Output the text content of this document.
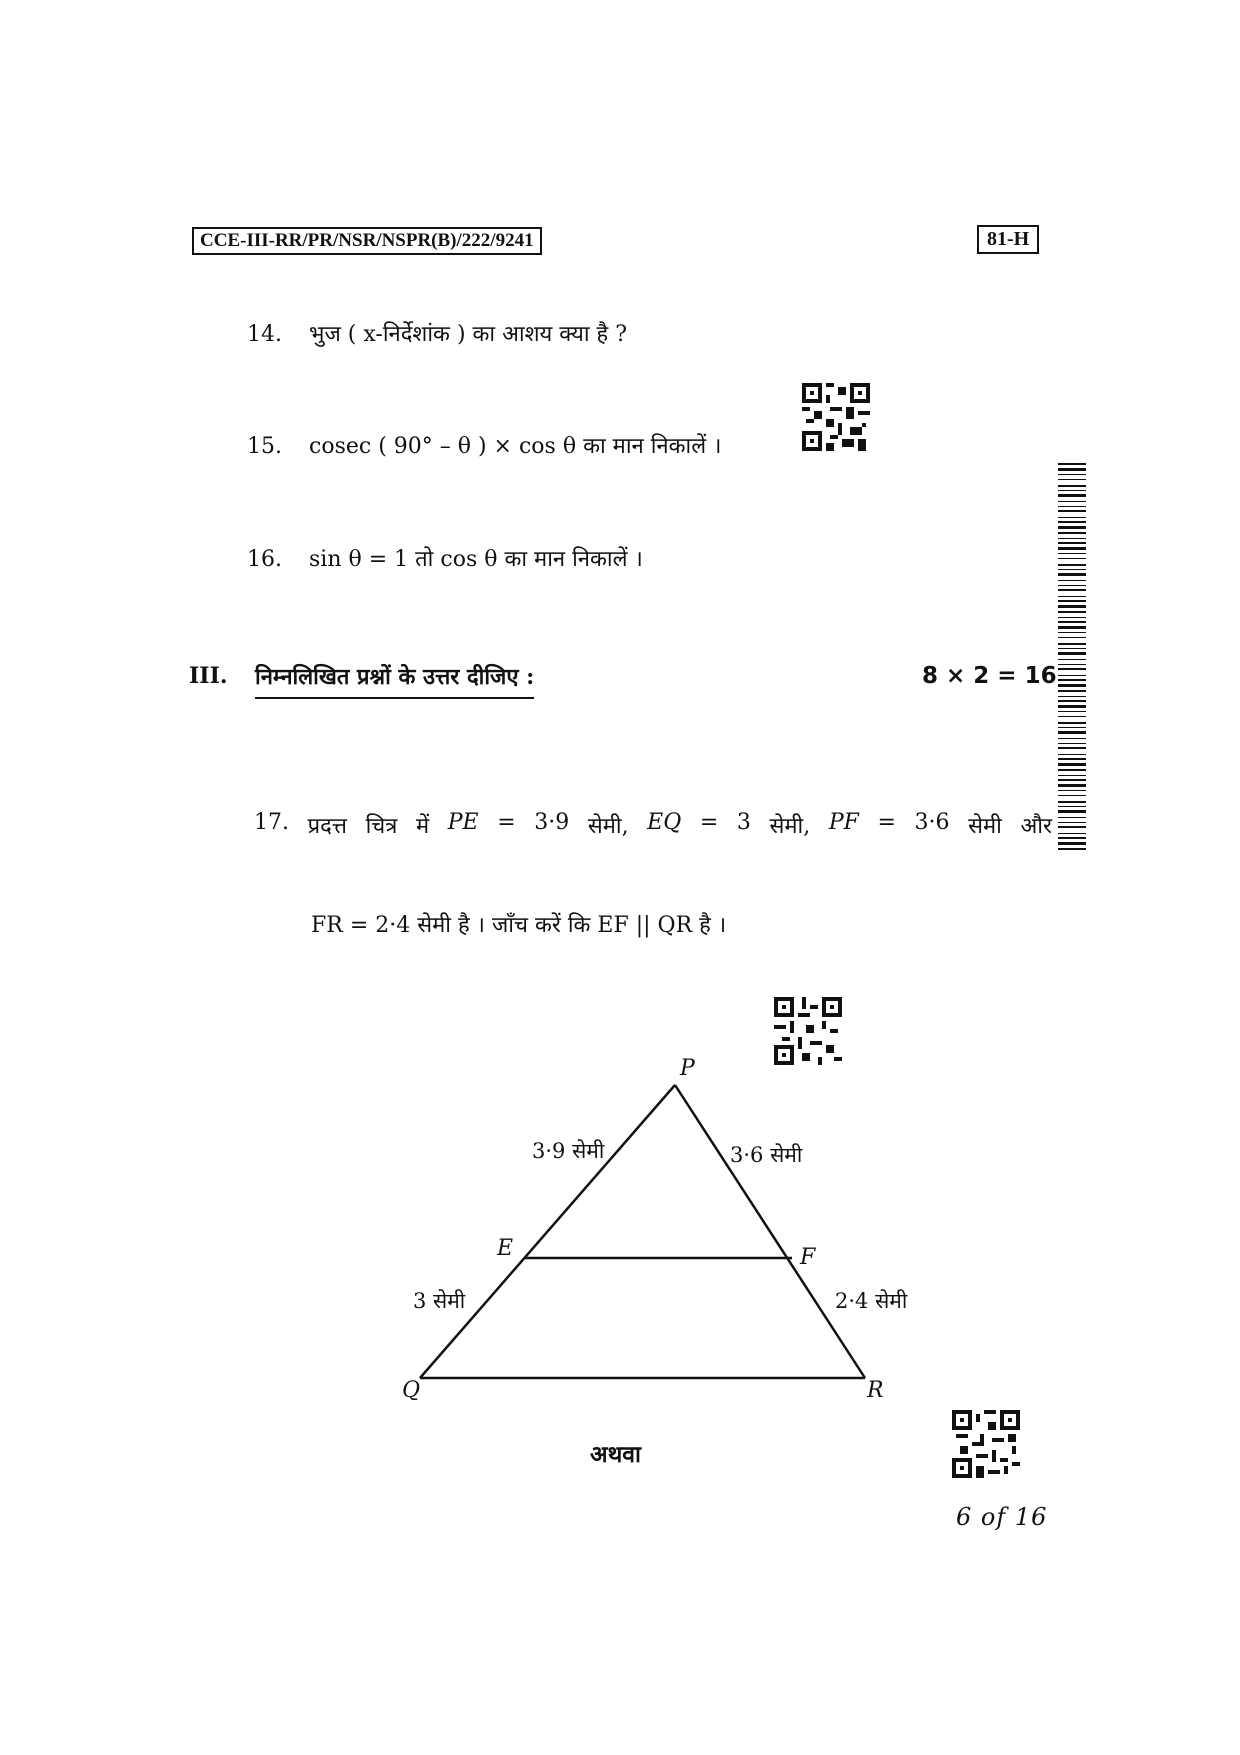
CCE-III-RR/PR/NSR/NSPR(B)/222/9241	81-H
14. भुज ( x-निर्देशांक ) का आशय क्या है ?
15. cosec ( 90° – θ ) × cos θ का मान निकालें ।
16. sin θ = 1 तो cos θ का मान निकालें ।
III. निम्नलिखित प्रश्नों के उत्तर दीजिए :	8 × 2 = 16
17. प्रदत्त चित्र में PE = 3·9 सेमी, EQ = 3 सेमी, PF = 3·6 सेमी और
FR = 2·4 सेमी है । जाँच करें कि EF || QR है ।
P
Q	R
E	F
3·9 सेमी	3·6 सेमी
3 सेमी	2·4 सेमी
अथवा
6 of 16
